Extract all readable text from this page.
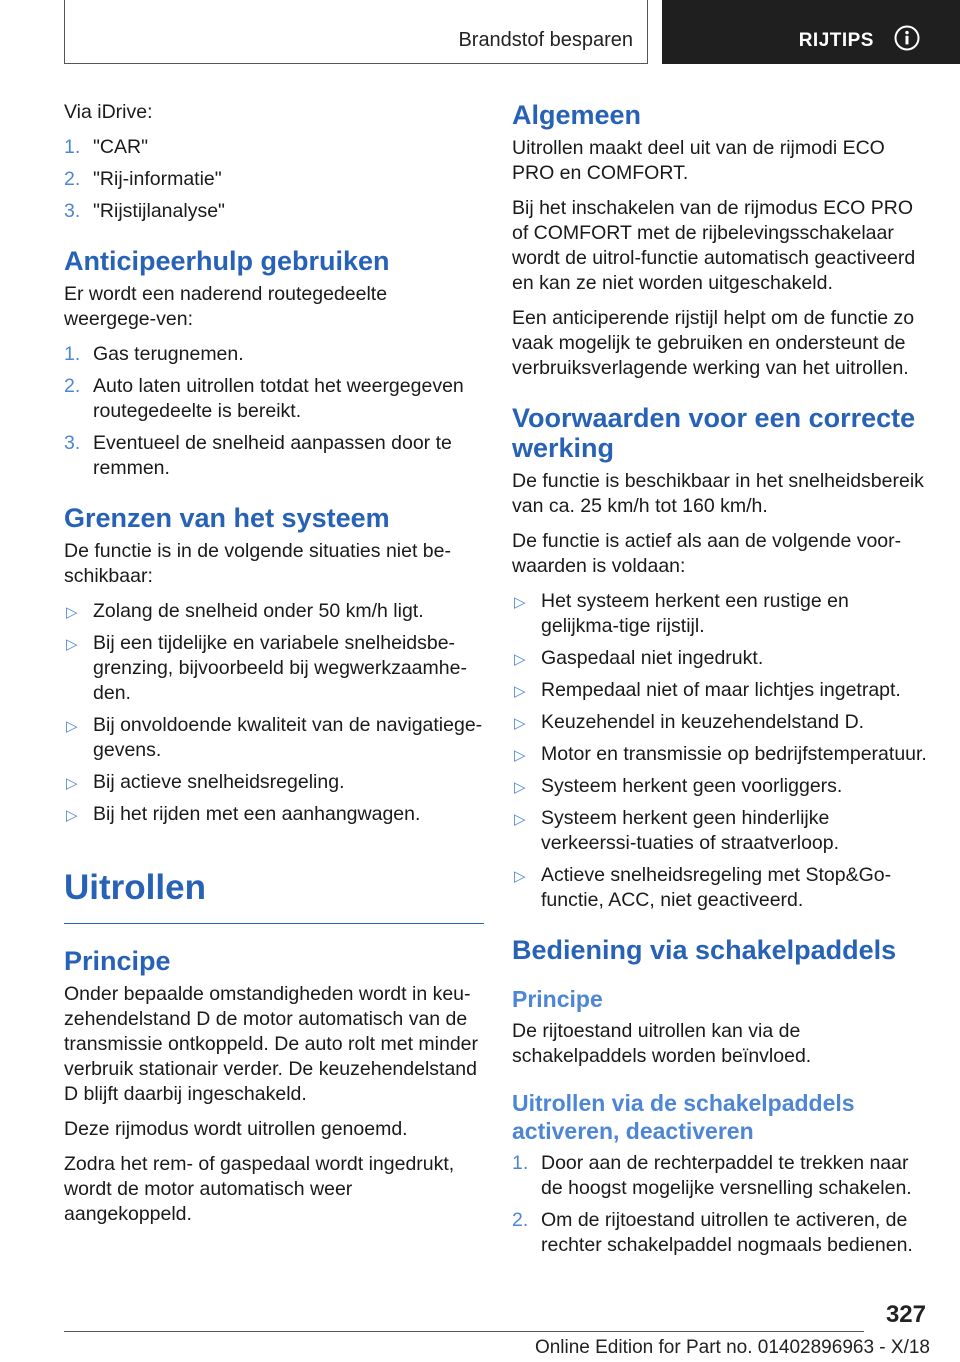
Brandstof besparen	RIJTIPS

Via iDrive:

1. "CAR"
2. "Rij-informatie"
3. "Rijstijlanalyse"
Anticipeerhulp gebruiken

Er wordt een naderend routegedeelte weergege-ven:

1. Gas terugnemen.
2. Auto laten uitrollen totdat het weergegeven routegedeelte is bereikt.
3. Eventueel de snelheid aanpassen door te remmen.
Grenzen van het systeem

De functie is in de volgende situaties niet be-schikbaar:

▷ Zolang de snelheid onder 50 km/h ligt.
▷ Bij een tijdelijke en variabele snelheidsbe-grenzing, bijvoorbeeld bij wegwerkzaamhe-den.
▷ Bij onvoldoende kwaliteit van de navigatiege-gevens.
▷ Bij actieve snelheidsregeling.
▷ Bij het rijden met een aanhangwagen.
Uitrollen
Principe

Onder bepaalde omstandigheden wordt in keu-zehendelstand D de motor automatisch van de transmissie ontkoppeld. De auto rolt met minder verbruik stationair verder. De keuzehendelstand D blijft daarbij ingeschakeld.

Deze rijmodus wordt uitrollen genoemd.

Zodra het rem- of gaspedaal wordt ingedrukt, wordt de motor automatisch weer aangekoppeld.

Algemeen

Uitrollen maakt deel uit van de rijmodi ECO PRO en COMFORT.

Bij het inschakelen van de rijmodus ECO PRO of COMFORT met de rijbelevingsschakelaar wordt de uitrol-functie automatisch geactiveerd en kan ze niet worden uitgeschakeld.

Een anticiperende rijstijl helpt om de functie zo vaak mogelijk te gebruiken en ondersteunt de verbruiksverlagende werking van het uitrollen.

Voorwaarden voor een correcte werking

De functie is beschikbaar in het snelheidsbereik van ca. 25 km/h tot 160 km/h.

De functie is actief als aan de volgende voor-waarden is voldaan:

▷ Het systeem herkent een rustige en gelijkma-tige rijstijl.
▷ Gaspedaal niet ingedrukt.
▷ Rempedaal niet of maar lichtjes ingetrapt.
▷ Keuzehendel in keuzehendelstand D.
▷ Motor en transmissie op bedrijfstemperatuur.
▷ Systeem herkent geen voorliggers.
▷ Systeem herkent geen hinderlijke verkeerssi-tuaties of straatverloop.
▷ Actieve snelheidsregeling met Stop&Go-functie, ACC, niet geactiveerd.
Bediening via schakelpaddels
Principe

De rijtoestand uitrollen kan via de schakelpaddels worden beïnvloed.

Uitrollen via de schakelpaddels activeren, deactiveren
1. Door aan de rechterpaddel te trekken naar de hoogst mogelijke versnelling schakelen.
2. Om de rijtoestand uitrollen te activeren, de rechter schakelpaddel nogmaals bedienen.
327
Online Edition for Part no. 01402896963 - X/18
